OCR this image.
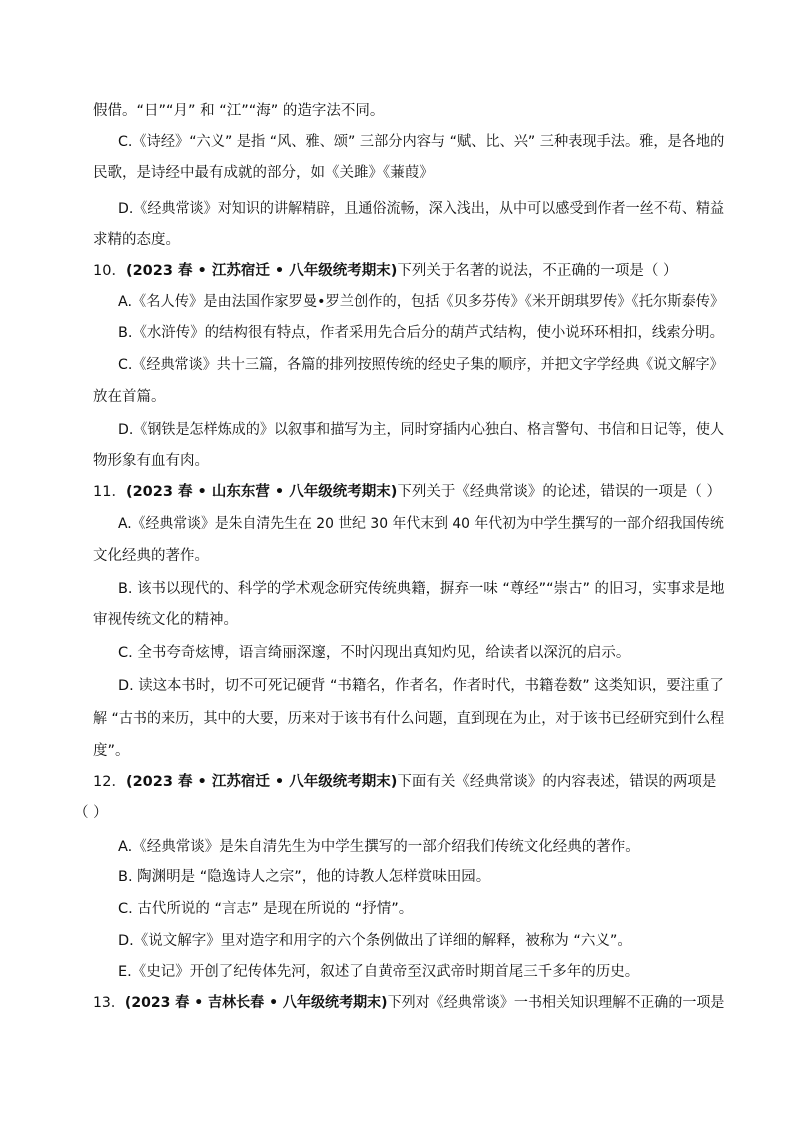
假借。“日”“月” 和 “江”“海” 的造字法不同。
C.《诗经》“六义” 是指 “风、雅、颂” 三部分内容与 “赋、比、兴” 三种表现手法。雅，是各地的
民歌，是诗经中最有成就的部分，如《关雎》《蒹葭》
D.《经典常谈》对知识的讲解精辟，且通俗流畅，深入浅出，从中可以感受到作者一丝不苟、精益
求精的态度。
10．(2023 春 • 江苏宿迁 • 八年级统考期末)下列关于名著的说法，不正确的一项是（ ）
A.《名人传》是由法国作家罗曼•罗兰创作的，包括《贝多芬传》《米开朗琪罗传》《托尔斯泰传》
B.《水浒传》的结构很有特点，作者采用先合后分的葫芦式结构，使小说环环相扣，线索分明。
C.《经典常谈》共十三篇，各篇的排列按照传统的经史子集的顺序，并把文字学经典《说文解字》
放在首篇。
D.《钢铁是怎样炼成的》以叙事和描写为主，同时穿插内心独白、格言警句、书信和日记等，使人
物形象有血有肉。
11．(2023 春 • 山东东营 • 八年级统考期末)下列关于《经典常谈》的论述，错误的一项是（ ）
A.《经典常谈》是朱自清先生在 20 世纪 30 年代末到 40 年代初为中学生撰写的一部介绍我国传统
文化经典的著作。
B. 该书以现代的、科学的学术观念研究传统典籍，摒弃一味 “尊经”“崇古” 的旧习，实事求是地
审视传统文化的精神。
C. 全书夸奇炫博，语言绮丽深邃，不时闪现出真知灼见，给读者以深沉的启示。
D. 读这本书时，切不可死记硬背 “书籍名，作者名，作者时代，书籍卷数” 这类知识，要注重了
解 “古书的来历，其中的大要，历来对于该书有什么问题，直到现在为止，对于该书已经研究到什么程
度”。
12．(2023 春 • 江苏宿迁 • 八年级统考期末)下面有关《经典常谈》的内容表述，错误的两项是
（ ）
A.《经典常谈》是朱自清先生为中学生撰写的一部介绍我们传统文化经典的著作。
B. 陶渊明是 “隐逸诗人之宗”，他的诗教人怎样赏味田园。
C. 古代所说的 “言志” 是现在所说的 “抒情”。
D.《说文解字》里对造字和用字的六个条例做出了详细的解释，被称为 “六义”。
E.《史记》开创了纪传体先河，叙述了自黄帝至汉武帝时期首尾三千多年的历史。
13．(2023 春 • 吉林长春 • 八年级统考期末)下列对《经典常谈》一书相关知识理解不正确的一项是
